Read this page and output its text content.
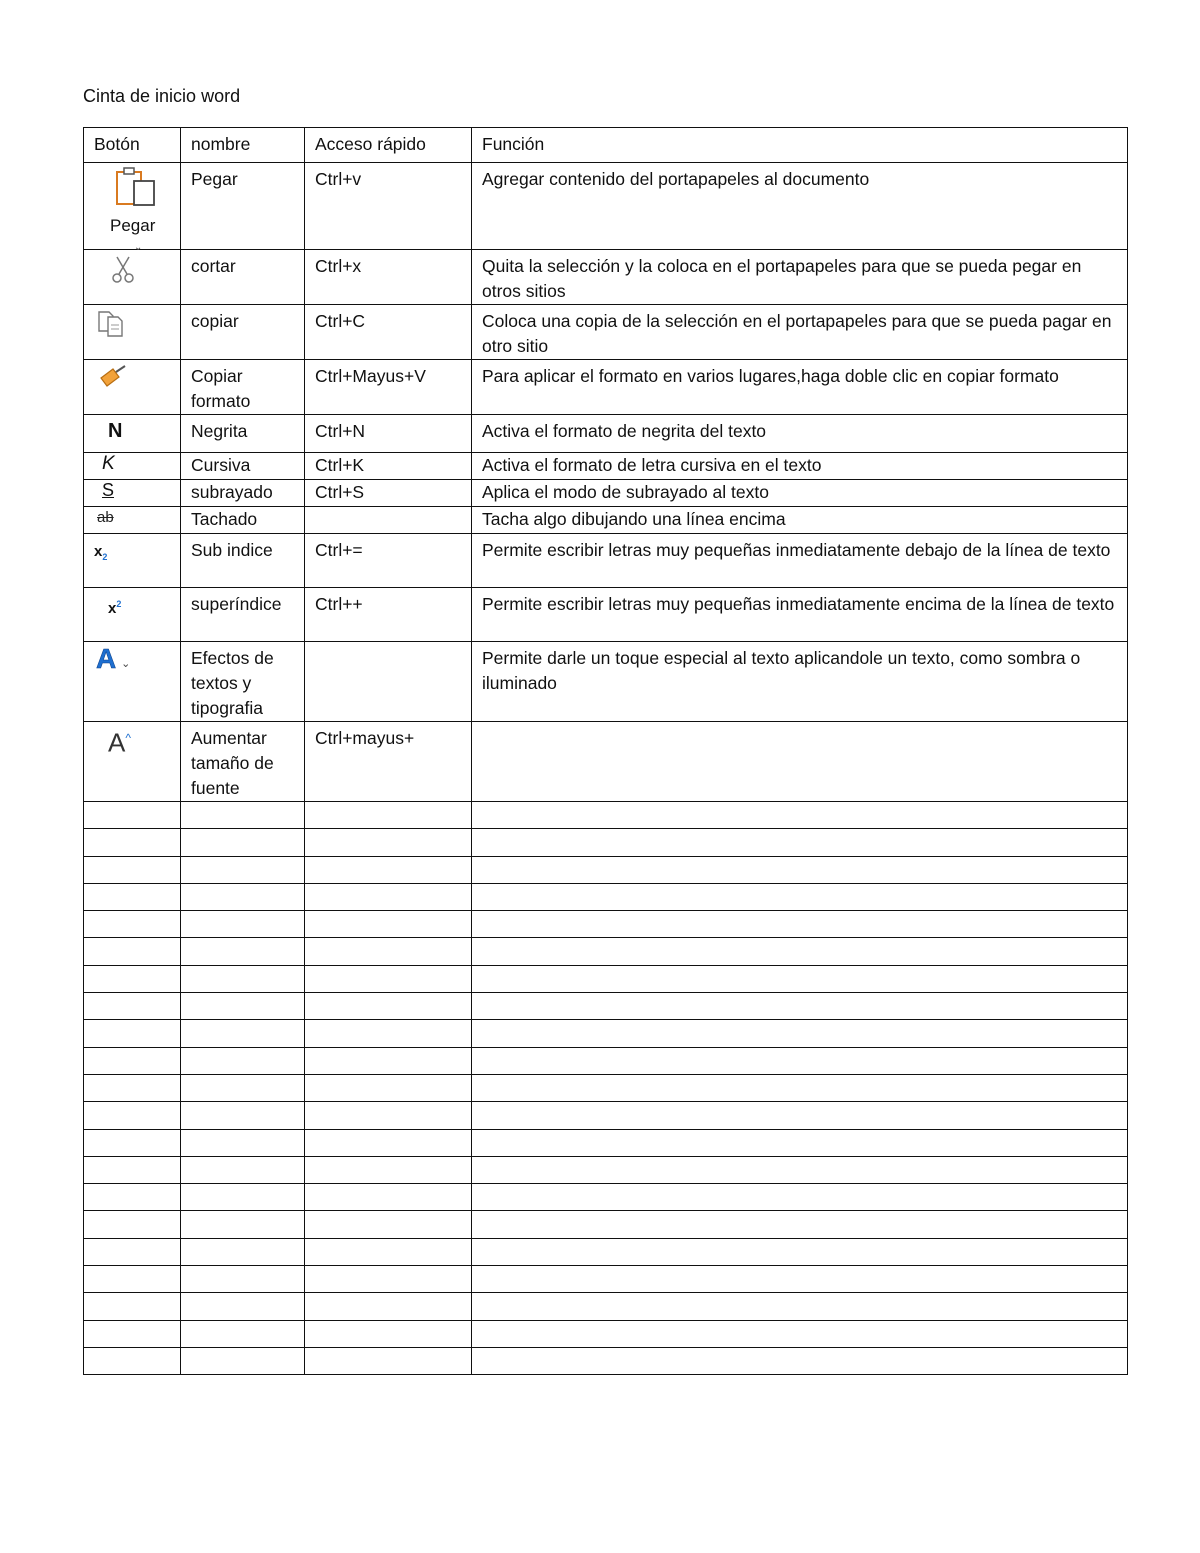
Cinta de inicio word
Botón	nombre	Acceso rápido	Función

Pegar
⌄	Pegar	Ctrl+v	Agregar contenido del portapapeles al documento
	cortar	Ctrl+x	Quita la selección y la coloca en el portapapeles para que se pueda pegar en otros sitios
	copiar	Ctrl+C	Coloca una copia de la selección en el portapapeles para que se pueda pagar en otro sitio
	Copiar formato	Ctrl+Mayus+V	Para aplicar el formato en varios lugares,haga doble clic en copiar formato
N	Negrita	Ctrl+N	Activa el formato de negrita del texto
K	Cursiva	Ctrl+K	Activa el formato de letra cursiva en el texto
S	subrayado	Ctrl+S	Aplica el modo de subrayado al texto
ab	Tachado		Tacha algo dibujando una línea encima
$x_2$	Sub indice	Ctrl+=	Permite escribir letras muy pequeñas inmediatamente debajo de la línea de texto
$x^2$	superíndice	Ctrl++	Permite escribir letras muy pequeñas inmediatamente encima de la línea de texto
A ⌄	Efectos de textos y tipografia		Permite darle un toque especial al texto aplicandole un texto, como sombra o iluminado
A^	Aumentar tamaño de fuente	Ctrl+mayus+	
